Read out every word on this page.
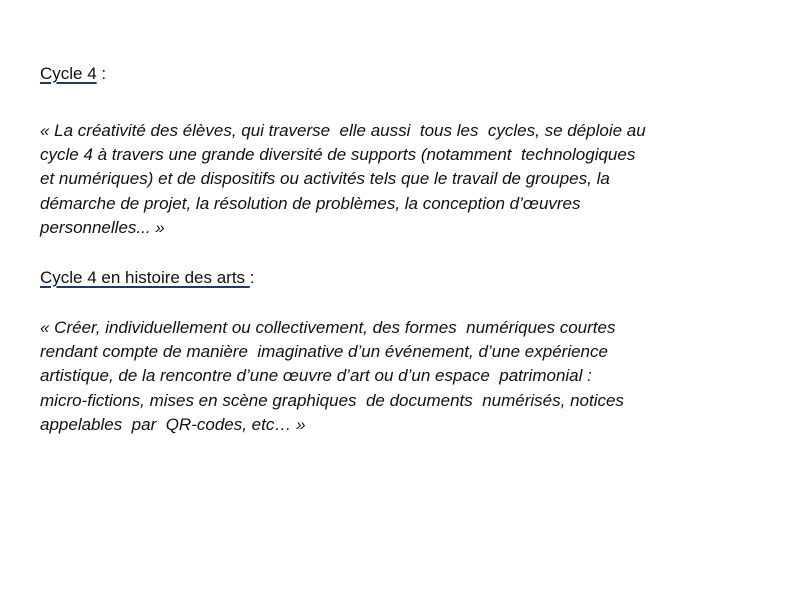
Cycle 4 :

« La créativité des élèves, qui traverse  elle aussi  tous les  cycles, se déploie au
cycle 4 à travers une grande diversité de supports (notamment  technologiques
et numériques) et de dispositifs ou activités tels que le travail de groupes, la
démarche de projet, la résolution de problèmes, la conception d’œuvres
personnelles... »

Cycle 4 en histoire des arts :

« Créer, individuellement ou collectivement, des formes  numériques courtes
rendant compte de manière  imaginative d’un événement, d’une expérience
artistique, de la rencontre d’une œuvre d’art ou d’un espace  patrimonial :
micro-fictions, mises en scène graphiques  de documents  numérisés, notices
appelables  par  QR-codes, etc… »
